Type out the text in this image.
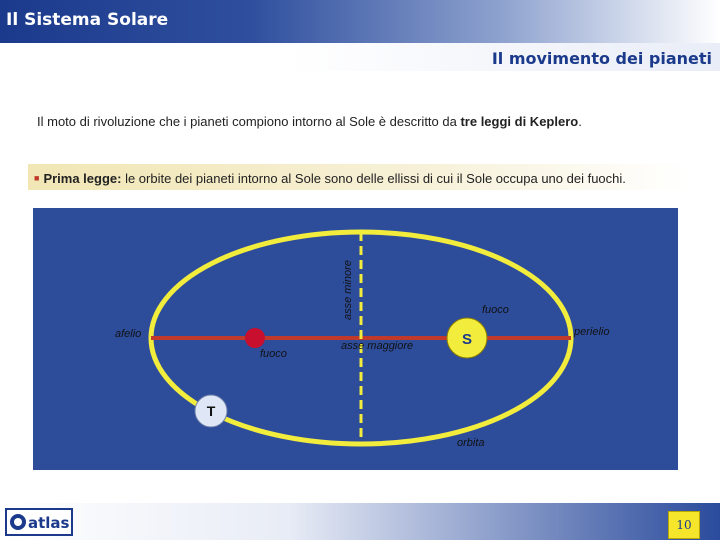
Il Sistema Solare
Il movimento dei pianeti
Il moto di rivoluzione che i pianeti compiono intorno al Sole è descritto da tre leggi di Keplero.
■ Prima legge: le orbite dei pianeti intorno al Sole sono delle ellissi di cui il Sole occupa uno dei fuochi.
S
T
afelio	perielio
fuoco
fuoco
asse maggiore
orbita
asse minore
atlas	10
